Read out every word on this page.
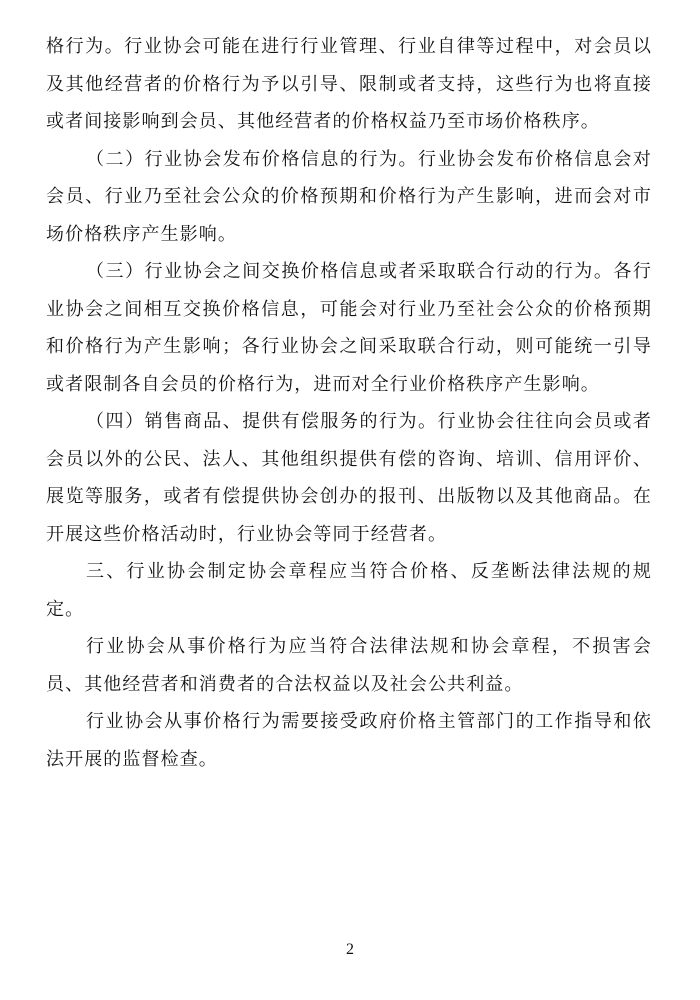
格行为。行业协会可能在进行行业管理、行业自律等过程中，对会员以及其他经营者的价格行为予以引导、限制或者支持，这些行为也将直接或者间接影响到会员、其他经营者的价格权益乃至市场价格秩序。

（二）行业协会发布价格信息的行为。行业协会发布价格信息会对会员、行业乃至社会公众的价格预期和价格行为产生影响，进而会对市场价格秩序产生影响。

（三）行业协会之间交换价格信息或者采取联合行动的行为。各行业协会之间相互交换价格信息，可能会对行业乃至社会公众的价格预期和价格行为产生影响；各行业协会之间采取联合行动，则可能统一引导或者限制各自会员的价格行为，进而对全行业价格秩序产生影响。

（四）销售商品、提供有偿服务的行为。行业协会往往向会员或者会员以外的公民、法人、其他组织提供有偿的咨询、培训、信用评价、展览等服务，或者有偿提供协会创办的报刊、出版物以及其他商品。在开展这些价格活动时，行业协会等同于经营者。

三、行业协会制定协会章程应当符合价格、反垄断法律法规的规定。

行业协会从事价格行为应当符合法律法规和协会章程，不损害会员、其他经营者和消费者的合法权益以及社会公共利益。

行业协会从事价格行为需要接受政府价格主管部门的工作指导和依法开展的监督检查。

2
